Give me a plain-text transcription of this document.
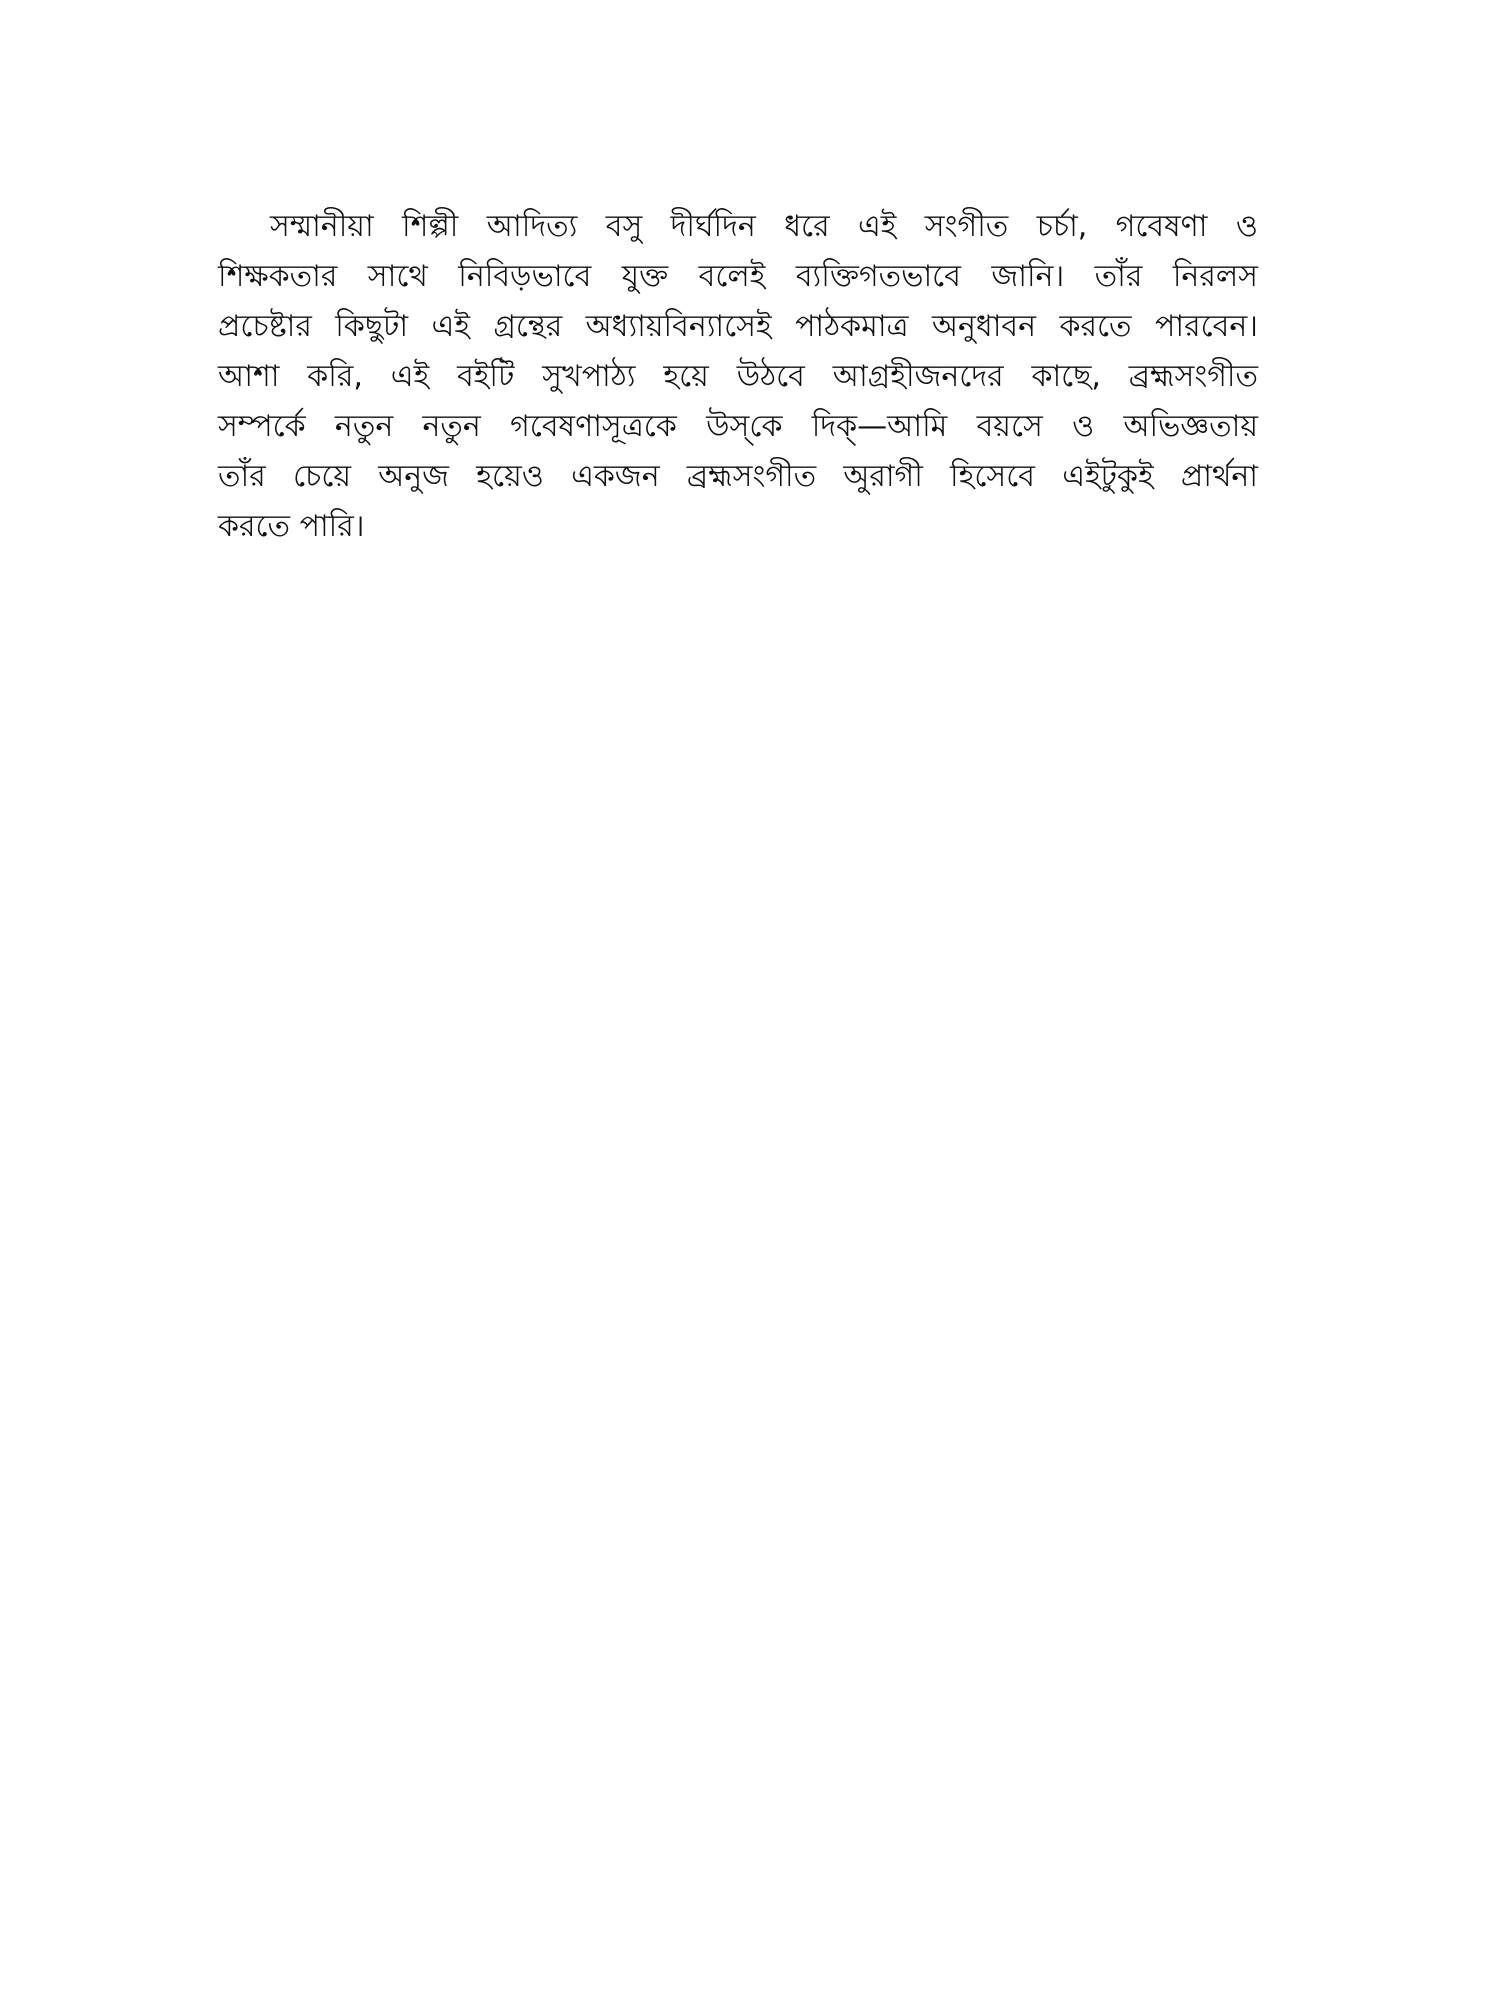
সম্মানীয়া শিল্পী আদিত্য বসু দীর্ঘদিন ধরে এই সংগীত চর্চা, গবেষণা ও
শিক্ষকতার সাথে নিবিড়ভাবে যুক্ত বলেই ব্যক্তিগতভাবে জানি। তাঁর নিরলস
প্রচেষ্টার কিছুটা এই গ্রন্থের অধ্যায়বিন্যাসেই পাঠকমাত্র অনুধাবন করতে পারবেন।
আশা করি, এই বইটি সুখপাঠ্য হয়ে উঠবে আগ্রহীজনদের কাছে, ব্রহ্মসংগীত
সম্পর্কে নতুন নতুন গবেষণাসূত্রকে উস্‌কে দিক্‌—আমি বয়সে ও অভিজ্ঞতায়
তাঁর চেয়ে অনুজ হয়েও একজন ব্রহ্মসংগীত অুরাগী হিসেবে এইটুকুই প্রার্থনা
করতে পারি।
